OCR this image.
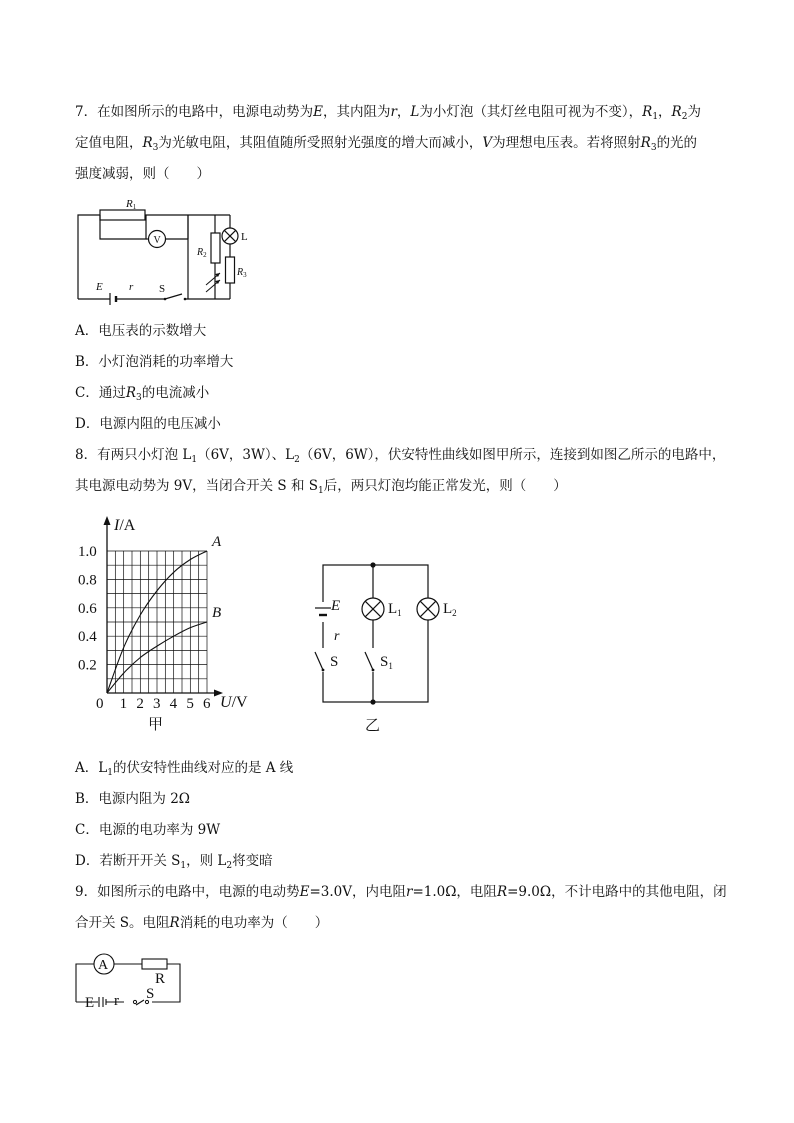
7．在如图所示的电路中，电源电动势为E，其内阻为r，L为小灯泡（其灯丝电阻可视为不变），$R_1$，$R_2$为
定值电阻，$R_3$为光敏电阻，其阻值随所受照射光强度的增大而减小，V为理想电压表。若将照射$R_3$的光的
强度减弱，则（　　）
R1
V	L
$R_2$
$R_3$
E r S
A．电压表的示数增大
B．小灯泡消耗的功率增大
C．通过$R_3$的电流减小
D．电源内阻的电压减小
8．有两只小灯泡 $L_1(6V$，3W）、$L_2(6V$，6W），伏安特性曲线如图甲所示，连接到如图乙所示的电路中，
其电源电动势为 9V，当闭合开关 S 和 $S_1$后，两只灯泡均能正常发光，则（　　）
1.0
0.8
0.6
0.4
0.2
0 1 2 3 4 5 6
I/A
U/V
A
B
甲
E
r
S
$L_1$	$L_2$
$S_1$
乙
A．$L_1$的伏安特性曲线对应的是 A 线
B．电源内阻为 2Ω
C．电源的电功率为 9W
D．若断开开关 $S_1$，则 $L_2$将变暗
9．如图所示的电路中，电源的电动势E=3.0V，内电阻r=1.0Ω，电阻R=9.0Ω，不计电路中的其他电阻，闭
合开关 S。电阻R消耗的电功率为（　　）
A
R
E r S
